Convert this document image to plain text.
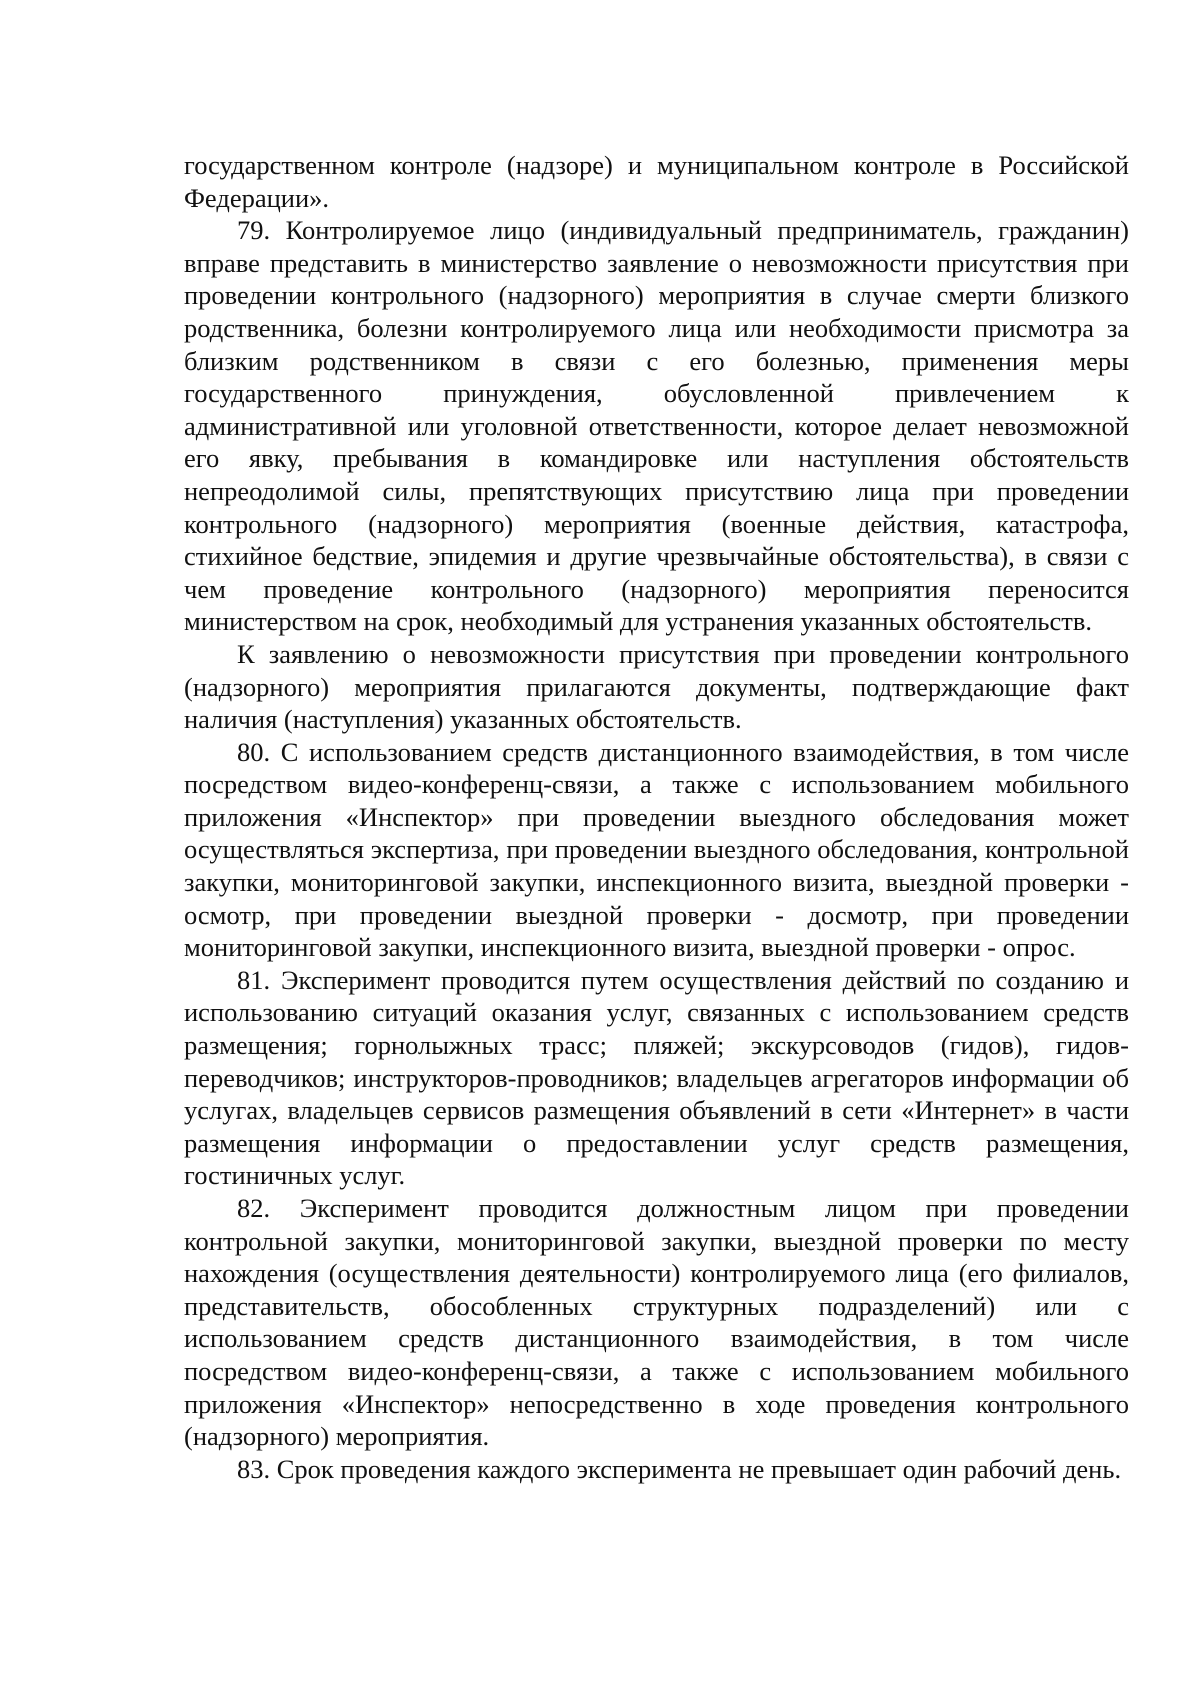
государственном контроле (надзоре) и муниципальном контроле в Российской Федерации».

79. Контролируемое лицо (индивидуальный предприниматель, гражданин) вправе представить в министерство заявление о невозможности присутствия при проведении контрольного (надзорного) мероприятия в случае смерти близкого родственника, болезни контролируемого лица или необходимости присмотра за близким родственником в связи с его болезнью, применения меры государственного принуждения, обусловленной привлечением к административной или уголовной ответственности, которое делает невозможной его явку, пребывания в командировке или наступления обстоятельств непреодолимой силы, препятствующих присутствию лица при проведении контрольного (надзорного) мероприятия (военные действия, катастрофа, стихийное бедствие, эпидемия и другие чрезвычайные обстоятельства), в связи с чем проведение контрольного (надзорного) мероприятия переносится министерством на срок, необходимый для устранения указанных обстоятельств.

К заявлению о невозможности присутствия при проведении контрольного (надзорного) мероприятия прилагаются документы, подтверждающие факт наличия (наступления) указанных обстоятельств.

80. С использованием средств дистанционного взаимодействия, в том числе посредством видео-конференц-связи, а также с использованием мобильного приложения «Инспектор» при проведении выездного обследования может осуществляться экспертиза, при проведении выездного обследования, контрольной закупки, мониторинговой закупки, инспекционного визита, выездной проверки - осмотр, при проведении выездной проверки - досмотр, при проведении мониторинговой закупки, инспекционного визита, выездной проверки - опрос.

81. Эксперимент проводится путем осуществления действий по созданию и использованию ситуаций оказания услуг, связанных с использованием средств размещения; горнолыжных трасс; пляжей; экскурсоводов (гидов), гидов-переводчиков; инструкторов-проводников; владельцев агрегаторов информации об услугах, владельцев сервисов размещения объявлений в сети «Интернет» в части размещения информации о предоставлении услуг средств размещения, гостиничных услуг.

82. Эксперимент проводится должностным лицом при проведении контрольной закупки, мониторинговой закупки, выездной проверки по месту нахождения (осуществления деятельности) контролируемого лица (его филиалов, представительств, обособленных структурных подразделений) или с использованием средств дистанционного взаимодействия, в том числе посредством видео-конференц-связи, а также с использованием мобильного приложения «Инспектор» непосредственно в ходе проведения контрольного (надзорного) мероприятия.

83. Срок проведения каждого эксперимента не превышает один рабочий день.
